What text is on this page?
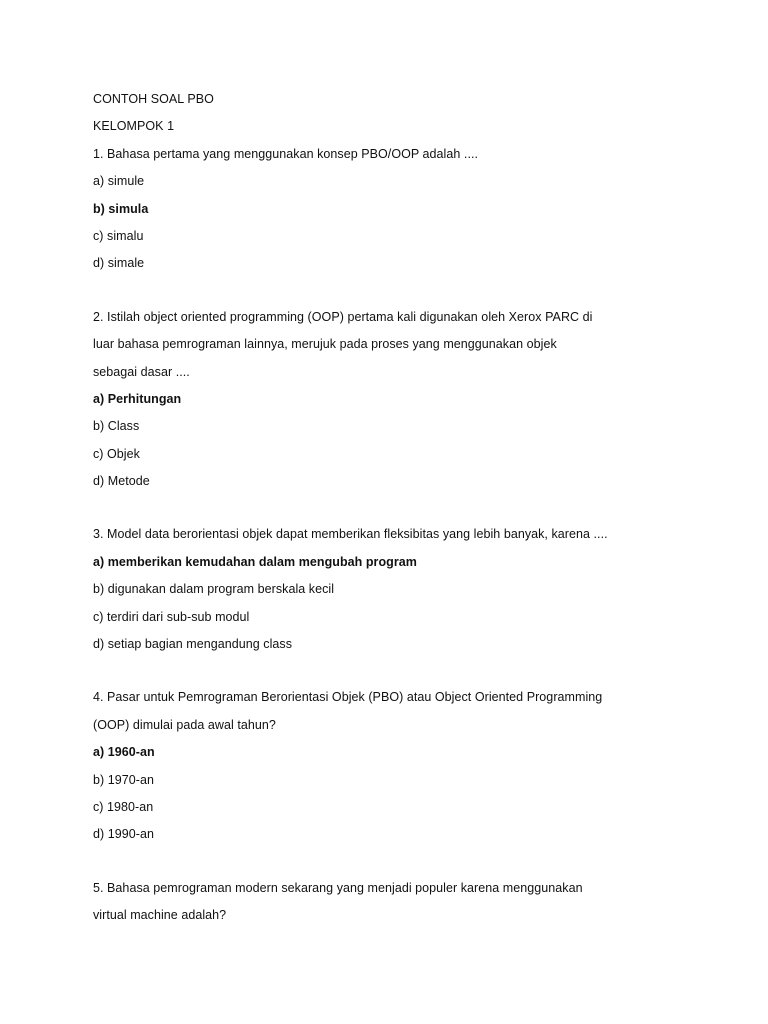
CONTOH SOAL PBO
KELOMPOK 1
1. Bahasa pertama yang menggunakan konsep PBO/OOP adalah ....
a) simule
b) simula
c) simalu
d) simale
2. Istilah object oriented programming (OOP) pertama kali digunakan oleh Xerox PARC di
luar bahasa pemrograman lainnya, merujuk pada proses yang menggunakan objek
sebagai dasar ....
a) Perhitungan
b) Class
c) Objek
d) Metode
3. Model data berorientasi objek dapat memberikan fleksibitas yang lebih banyak, karena ....
a) memberikan kemudahan dalam mengubah program
b) digunakan dalam program berskala kecil
c) terdiri dari sub-sub modul
d) setiap bagian mengandung class
4. Pasar untuk Pemrograman Berorientasi Objek (PBO) atau Object Oriented Programming
(OOP) dimulai pada awal tahun?
a) 1960-an
b) 1970-an
c) 1980-an
d) 1990-an
5. Bahasa pemrograman modern sekarang yang menjadi populer karena menggunakan
virtual machine adalah?
